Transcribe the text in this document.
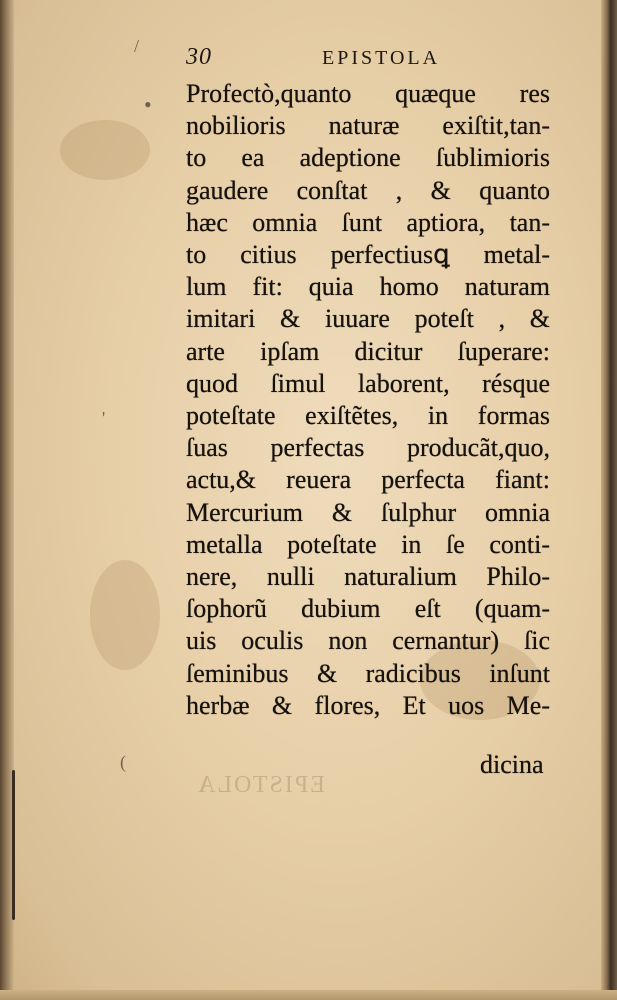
/
•
'
(
30	EPISTOLA
Profectò,quanto quæque res
nobilioris naturæ exiſtit,tan-
to ea adeptione ſublimioris
gaudere conſtat , & quanto
hæc omnia ſunt aptiora, tan-
to citius perfectiusꝗ metal-
lum fit: quia homo naturam
imitari & iuuare poteſt , &
arte ipſam dicitur ſuperare:
quod ſimul laborent, résque
poteſtate exiſtẽtes, in formas
ſuas perfectas producãt,quo,
actu,& reuera perfecta fiant:
Mercurium & ſulphur omnia
metalla poteſtate in ſe conti-
nere, nulli naturalium Philo-
ſophorũ dubium eſt (quam-
uis oculis non cernantur) ſic
ſeminibus & radicibus inſunt
herbæ & flores, Et uos Me-
dicina
EPISTOLA
